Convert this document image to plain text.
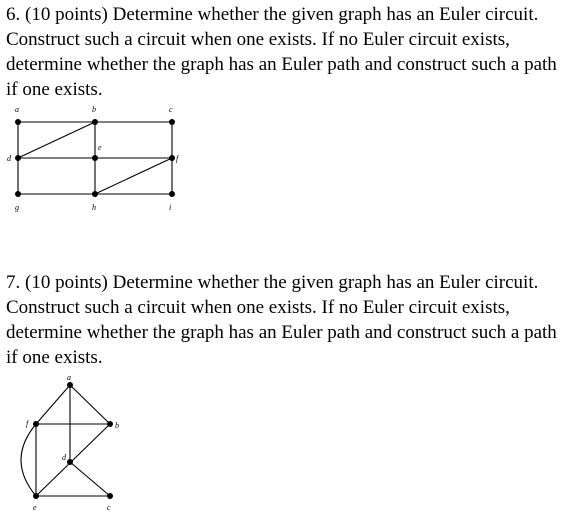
6. (10 points) Determine whether the given graph has an Euler circuit. Construct such a circuit when one exists. If no Euler circuit exists, determine whether the graph has an Euler path and construct such a path if one exists.

a	b	c
d
e
f
g	h	i
a
b
c
d
e
f

7. (10 points) Determine whether the given graph has an Euler circuit. Construct such a circuit when one exists. If no Euler circuit exists, determine whether the graph has an Euler path and construct such a path if one exists.
